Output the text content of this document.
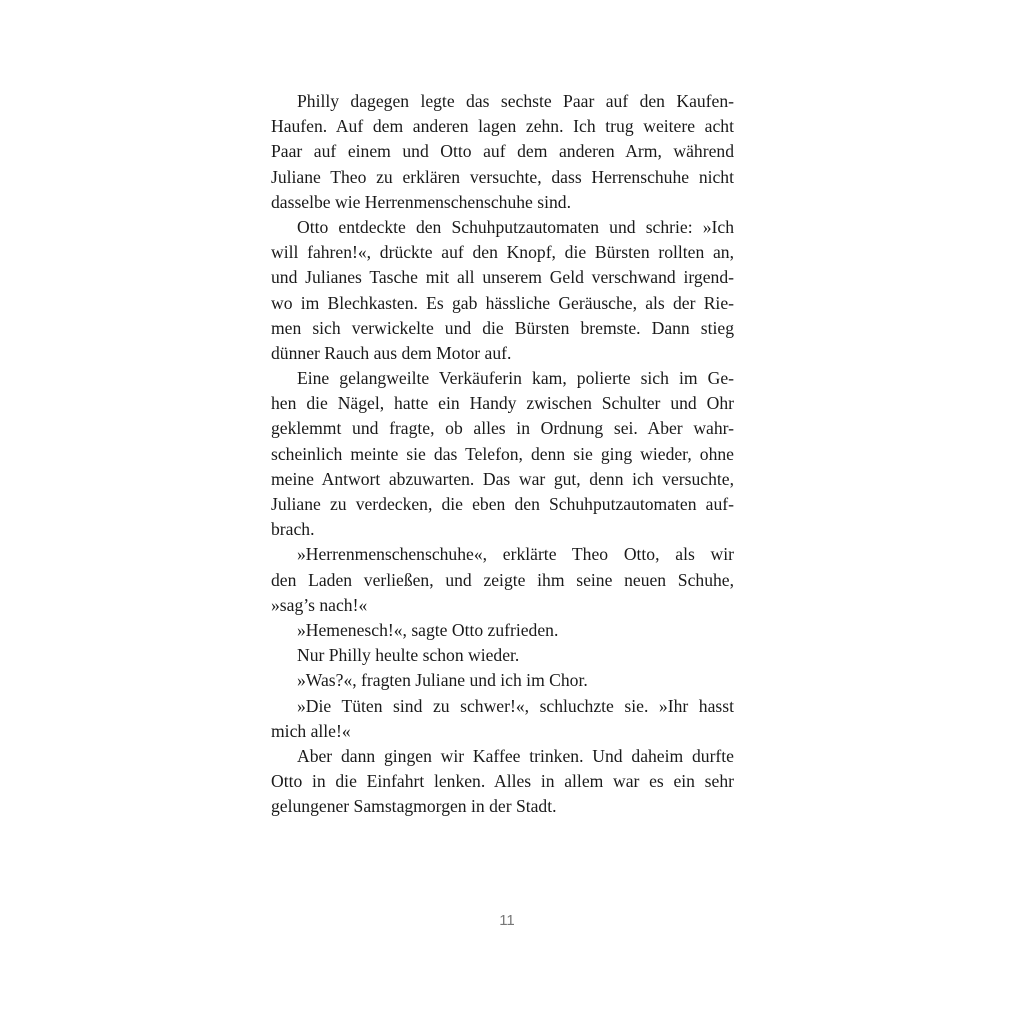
Philly dagegen legte das sechste Paar auf den Kaufen-
Haufen. Auf dem anderen lagen zehn. Ich trug weitere acht
Paar auf einem und Otto auf dem anderen Arm, während
Juliane Theo zu erklären versuchte, dass Herrenschuhe nicht
dasselbe wie Herrenmenschenschuhe sind.
Otto entdeckte den Schuhputzautomaten und schrie: »Ich
will fahren!«, drückte auf den Knopf, die Bürsten rollten an,
und Julianes Tasche mit all unserem Geld verschwand irgend-
wo im Blechkasten. Es gab hässliche Geräusche, als der Rie-
men sich verwickelte und die Bürsten bremste. Dann stieg
dünner Rauch aus dem Motor auf.
Eine gelangweilte Verkäuferin kam, polierte sich im Ge-
hen die Nägel, hatte ein Handy zwischen Schulter und Ohr
geklemmt und fragte, ob alles in Ordnung sei. Aber wahr-
scheinlich meinte sie das Telefon, denn sie ging wieder, ohne
meine Antwort abzuwarten. Das war gut, denn ich versuchte,
Juliane zu verdecken, die eben den Schuhputzautomaten auf-
brach.
»Herrenmenschenschuhe«, erklärte Theo Otto, als wir
den Laden verließen, und zeigte ihm seine neuen Schuhe,
»sag’s nach!«
»Hemenesch!«, sagte Otto zufrieden.
Nur Philly heulte schon wieder.
»Was?«, fragten Juliane und ich im Chor.
»Die Tüten sind zu schwer!«, schluchzte sie. »Ihr hasst
mich alle!«
Aber dann gingen wir Kaffee trinken. Und daheim durfte
Otto in die Einfahrt lenken. Alles in allem war es ein sehr
gelungener Samstagmorgen in der Stadt.
11
